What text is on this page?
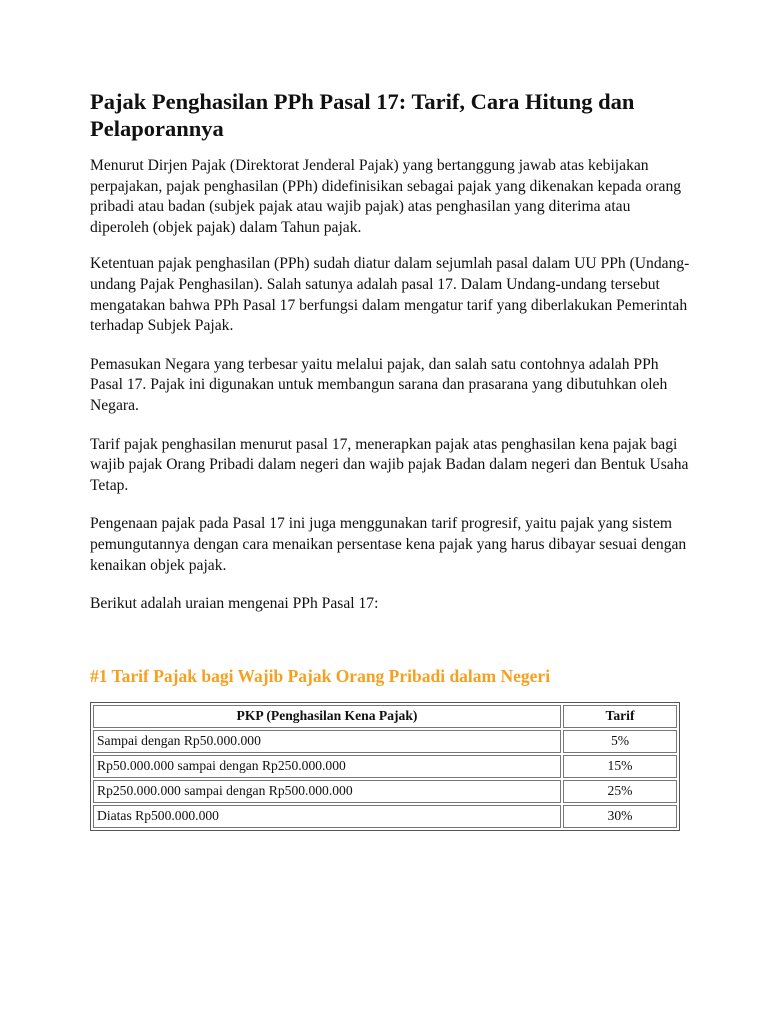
Pajak Penghasilan PPh Pasal 17: Tarif, Cara Hitung dan Pelaporannya

Menurut Dirjen Pajak (Direktorat Jenderal Pajak) yang bertanggung jawab atas kebijakan perpajakan, pajak penghasilan (PPh) didefinisikan sebagai pajak yang dikenakan kepada orang pribadi atau badan (subjek pajak atau wajib pajak) atas penghasilan yang diterima atau diperoleh (objek pajak) dalam Tahun pajak.

Ketentuan pajak penghasilan (PPh) sudah diatur dalam sejumlah pasal dalam UU PPh (Undang-undang Pajak Penghasilan). Salah satunya adalah pasal 17. Dalam Undang-undang tersebut mengatakan bahwa PPh Pasal 17 berfungsi dalam mengatur tarif yang diberlakukan Pemerintah terhadap Subjek Pajak.

Pemasukan Negara yang terbesar yaitu melalui pajak, dan salah satu contohnya adalah PPh Pasal 17. Pajak ini digunakan untuk membangun sarana dan prasarana yang dibutuhkan oleh Negara.

Tarif pajak penghasilan menurut pasal 17, menerapkan pajak atas penghasilan kena pajak bagi wajib pajak Orang Pribadi dalam negeri dan wajib pajak Badan dalam negeri dan Bentuk Usaha Tetap.

Pengenaan pajak pada Pasal 17 ini juga menggunakan tarif progresif, yaitu pajak yang sistem pemungutannya dengan cara menaikan persentase kena pajak yang harus dibayar sesuai dengan kenaikan objek pajak.

Berikut adalah uraian mengenai PPh Pasal 17:

#1 Tarif Pajak bagi Wajib Pajak Orang Pribadi dalam Negeri
PKP (Penghasilan Kena Pajak)	Tarif
Sampai dengan Rp50.000.000	5%
Rp50.000.000 sampai dengan Rp250.000.000	15%
Rp250.000.000 sampai dengan Rp500.000.000	25%
Diatas Rp500.000.000	30%
